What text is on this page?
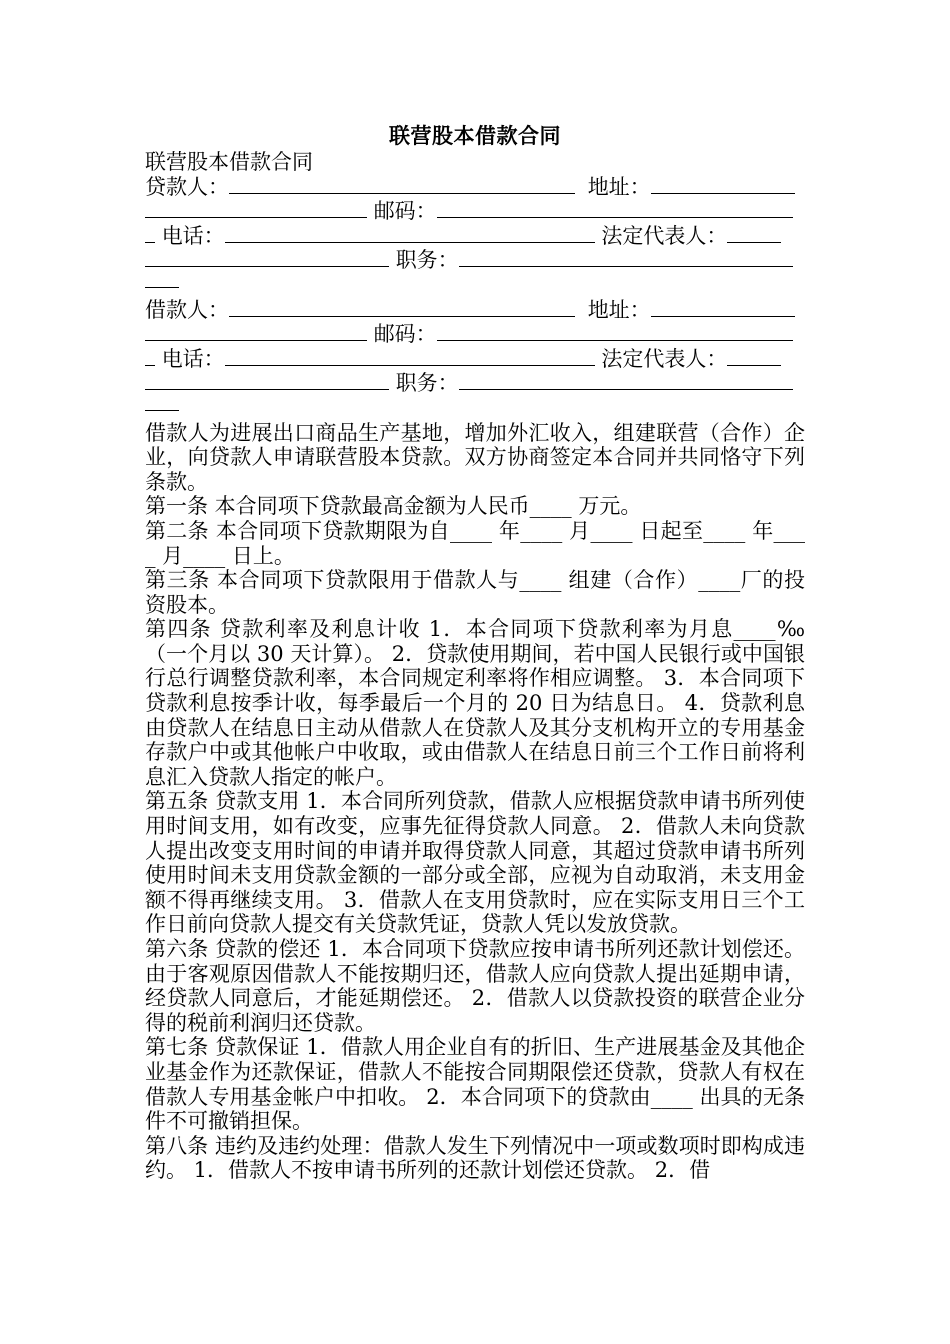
联营股本借款合同
联营股本借款合同
贷款人：	地址：
邮码：
电话：	法定代表人：
职务：
借款人：	地址：
邮码：
电话：	法定代表人：
职务：
借款人为进展出口商品生产基地，增加外汇收入，组建联营（合作）企业，向贷款人申请联营股本贷款。双方协商签定本合同并共同恪守下列条款。
第一条 本合同项下贷款最高金额为人民币____ 万元。
第二条 本合同项下贷款期限为自____ 年____ 月____ 日起至____ 年____ 月____ 日上。
第三条 本合同项下贷款限用于借款人与____ 组建（合作）____厂的投资股本。
第四条 贷款利率及利息计收 1．本合同项下贷款利率为月息____‰（一个月以 30 天计算）。 2．贷款使用期间，若中国人民银行或中国银行总行调整贷款利率，本合同规定利率将作相应调整。 3．本合同项下贷款利息按季计收，每季最后一个月的 20 日为结息日。 4．贷款利息由贷款人在结息日主动从借款人在贷款人及其分支机构开立的专用基金存款户中或其他帐户中收取，或由借款人在结息日前三个工作日前将利息汇入贷款人指定的帐户。
第五条 贷款支用 1．本合同所列贷款，借款人应根据贷款申请书所列使用时间支用，如有改变，应事先征得贷款人同意。 2．借款人未向贷款人提出改变支用时间的申请并取得贷款人同意，其超过贷款申请书所列使用时间未支用贷款金额的一部分或全部，应视为自动取消，未支用金额不得再继续支用。 3．借款人在支用贷款时，应在实际支用日三个工作日前向贷款人提交有关贷款凭证，贷款人凭以发放贷款。
第六条 贷款的偿还 1．本合同项下贷款应按申请书所列还款计划偿还。由于客观原因借款人不能按期归还，借款人应向贷款人提出延期申请，经贷款人同意后，才能延期偿还。 2．借款人以贷款投资的联营企业分得的税前利润归还贷款。
第七条 贷款保证 1．借款人用企业自有的折旧、生产进展基金及其他企业基金作为还款保证，借款人不能按合同期限偿还贷款，贷款人有权在借款人专用基金帐户中扣收。 2．本合同项下的贷款由____ 出具的无条件不可撤销担保。
第八条 违约及违约处理：借款人发生下列情况中一项或数项时即构成违约。 1．借款人不按申请书所列的还款计划偿还贷款。 2．借
